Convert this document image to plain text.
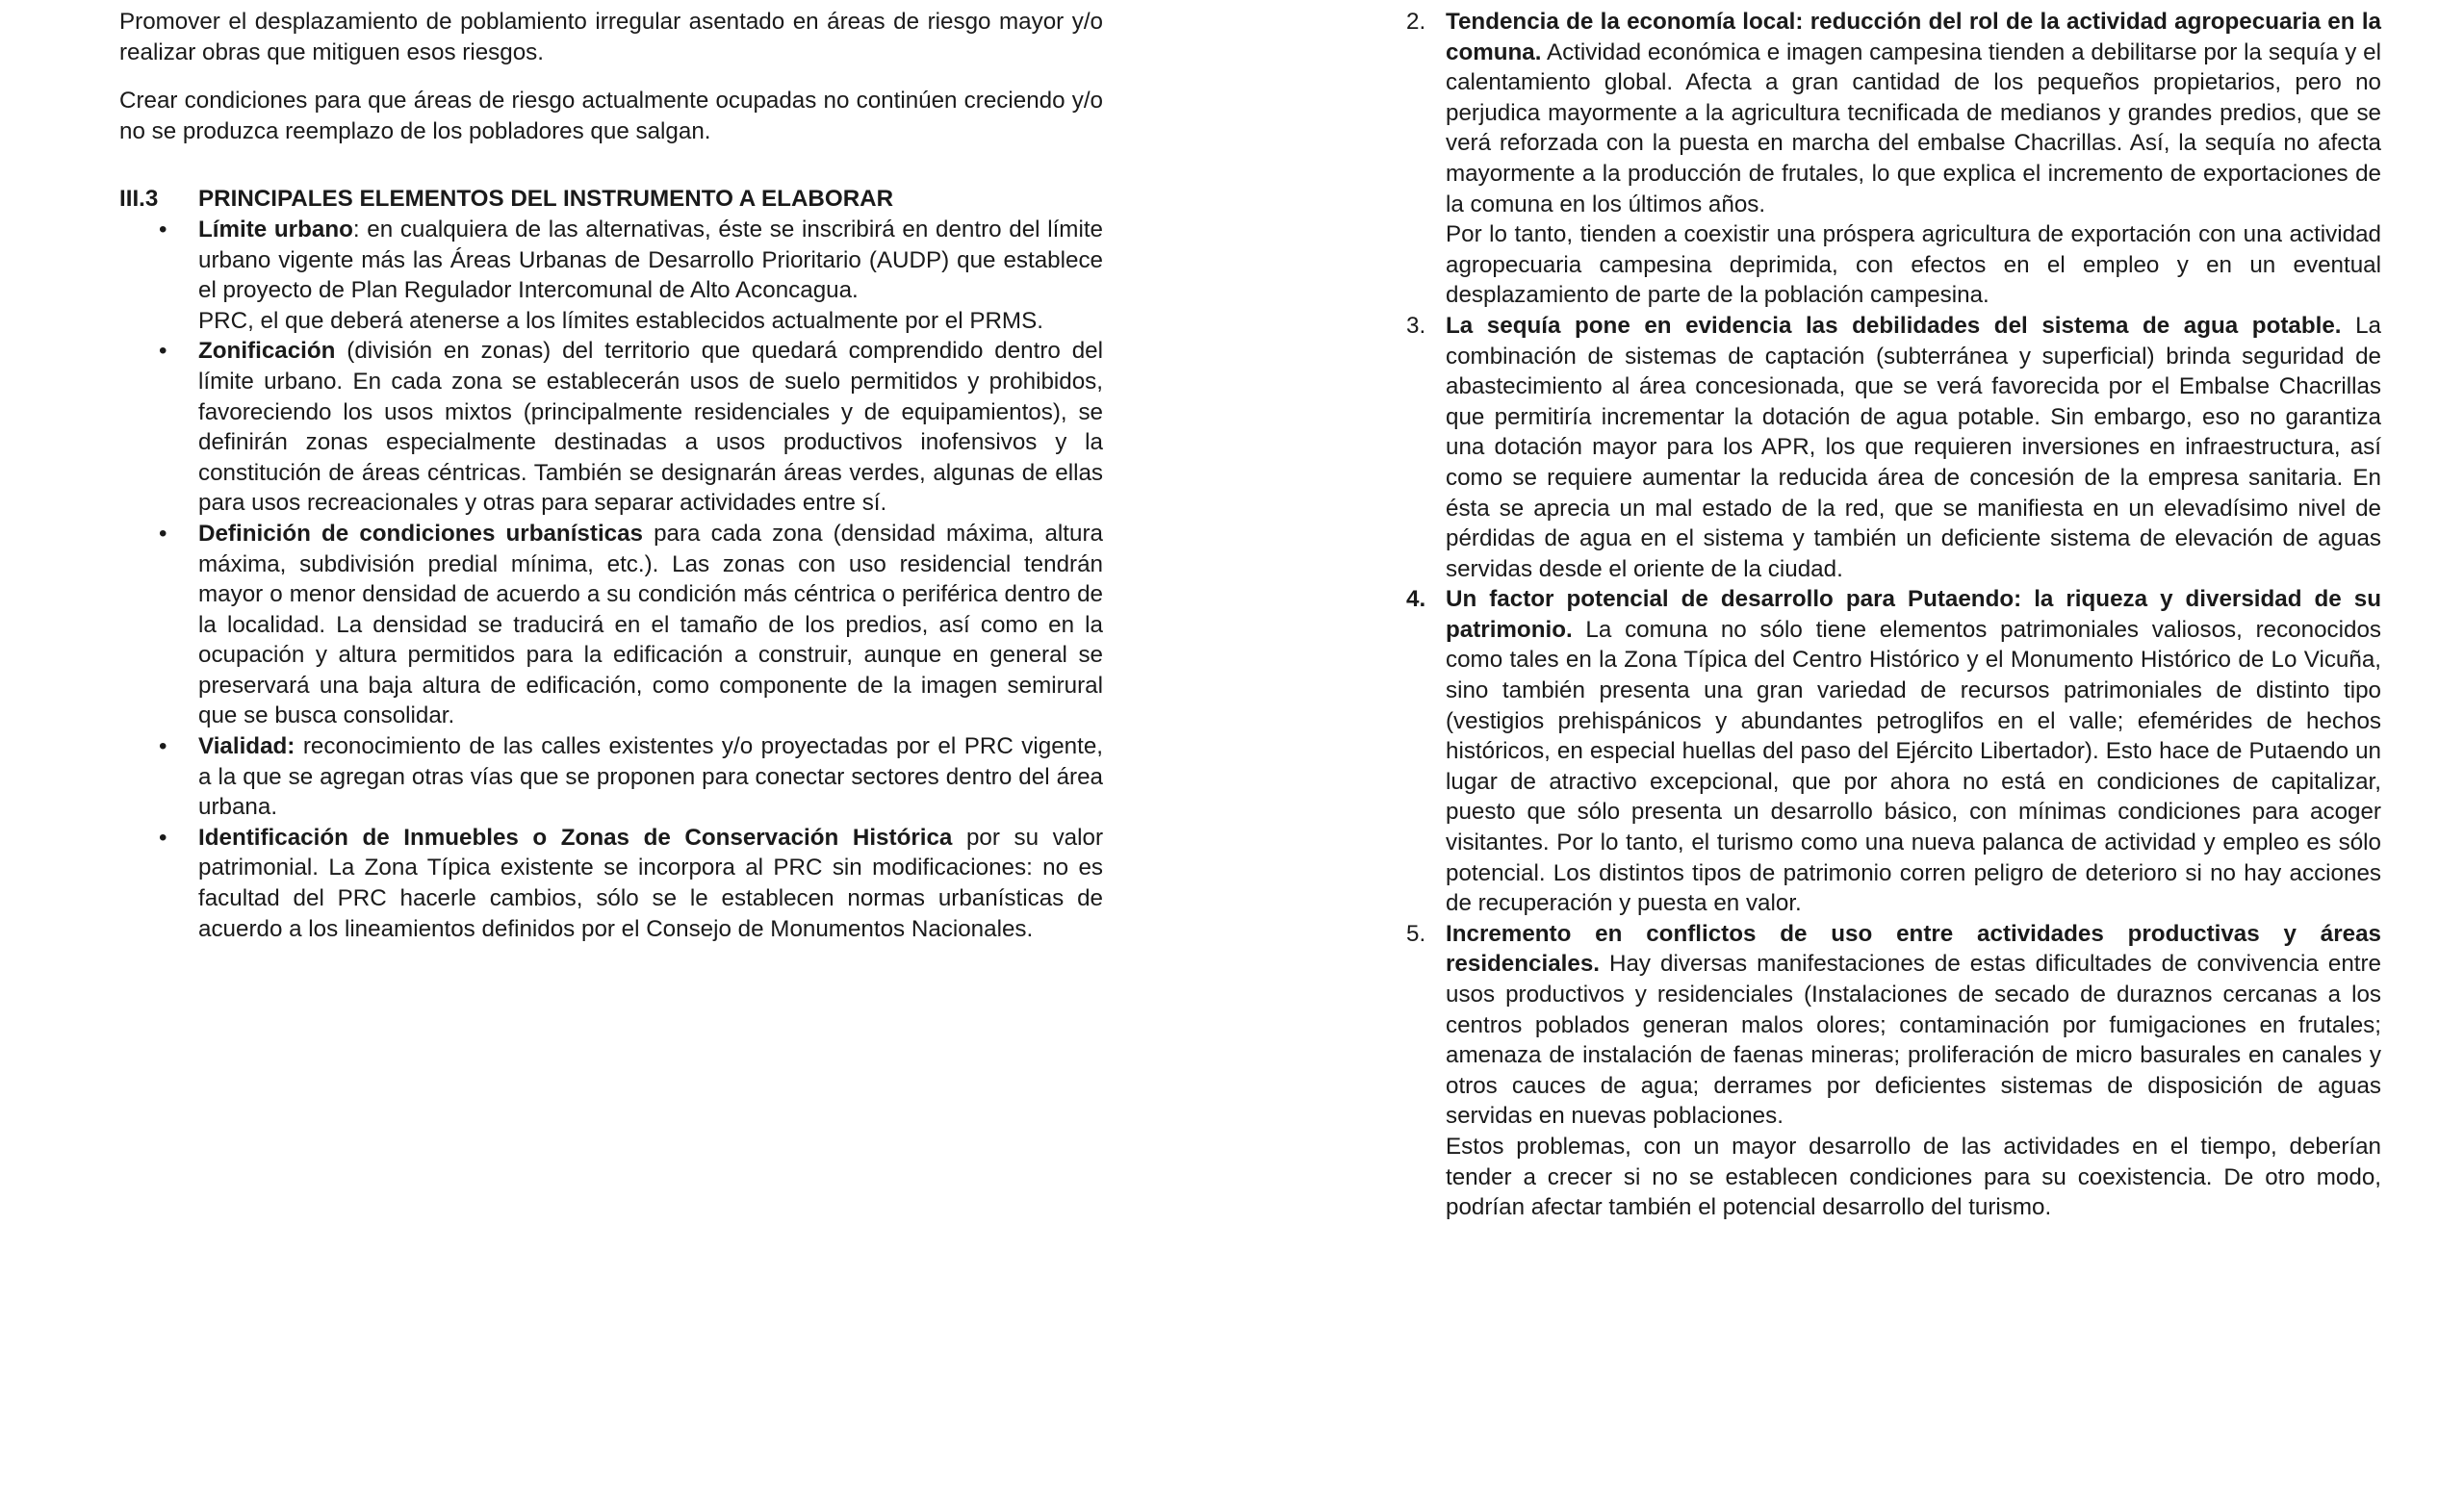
Promover el desplazamiento de poblamiento irregular asentado en áreas de riesgo mayor y/o realizar obras que mitiguen esos riesgos.

Crear condiciones para que áreas de riesgo actualmente ocupadas no continúen creciendo y/o no se produzca reemplazo de los pobladores que salgan.

III.3	PRINCIPALES ELEMENTOS DEL INSTRUMENTO A ELABORAR
• Límite urbano: en cualquiera de las alternativas, éste se inscribirá en dentro del límite urbano vigente más las Áreas Urbanas de Desarrollo Prioritario (AUDP) que establece el proyecto de Plan Regulador Intercomunal de Alto Aconcagua.
PRC, el que deberá atenerse a los límites establecidos actualmente por el PRMS.
• Zonificación (división en zonas) del territorio que quedará comprendido dentro del límite urbano. En cada zona se establecerán usos de suelo permitidos y prohibidos, favoreciendo los usos mixtos (principalmente residenciales y de equipamientos), se definirán zonas especialmente destinadas a usos productivos inofensivos y la constitución de áreas céntricas. También se designarán áreas verdes, algunas de ellas para usos recreacionales y otras para separar actividades entre sí.
• Definición de condiciones urbanísticas para cada zona (densidad máxima, altura máxima, subdivisión predial mínima, etc.). Las zonas con uso residencial tendrán mayor o menor densidad de acuerdo a su condición más céntrica o periférica dentro de la localidad. La densidad se traducirá en el tamaño de los predios, así como en la ocupación y altura permitidos para la edificación a construir, aunque en general se preservará una baja altura de edificación, como componente de la imagen semirural que se busca consolidar.
• Vialidad: reconocimiento de las calles existentes y/o proyectadas por el PRC vigente, a la que se agregan otras vías que se proponen para conectar sectores dentro del área urbana.
• Identificación de Inmuebles o Zonas de Conservación Histórica por su valor patrimonial. La Zona Típica existente se incorpora al PRC sin modificaciones: no es facultad del PRC hacerle cambios, sólo se le establecen normas urbanísticas de acuerdo a los lineamientos definidos por el Consejo de Monumentos Nacionales.
2. Tendencia de la economía local: reducción del rol de la actividad agropecuaria en la comuna. Actividad económica e imagen campesina tienden a debilitarse por la sequía y el calentamiento global. Afecta a gran cantidad de los pequeños propietarios, pero no perjudica mayormente a la agricultura tecnificada de medianos y grandes predios, que se verá reforzada con la puesta en marcha del embalse Chacrillas. Así, la sequía no afecta mayormente a la producción de frutales, lo que explica el incremento de exportaciones de la comuna en los últimos años.
Por lo tanto, tienden a coexistir una próspera agricultura de exportación con una actividad agropecuaria campesina deprimida, con efectos en el empleo y en un eventual desplazamiento de parte de la población campesina.
3. La sequía pone en evidencia las debilidades del sistema de agua potable. La combinación de sistemas de captación (subterránea y superficial) brinda seguridad de abastecimiento al área concesionada, que se verá favorecida por el Embalse Chacrillas que permitiría incrementar la dotación de agua potable. Sin embargo, eso no garantiza una dotación mayor para los APR, los que requieren inversiones en infraestructura, así como se requiere aumentar la reducida área de concesión de la empresa sanitaria. En ésta se aprecia un mal estado de la red, que se manifiesta en un elevadísimo nivel de pérdidas de agua en el sistema y también un deficiente sistema de elevación de aguas servidas desde el oriente de la ciudad.
4. Un factor potencial de desarrollo para Putaendo: la riqueza y diversidad de su patrimonio. La comuna no sólo tiene elementos patrimoniales valiosos, reconocidos como tales en la Zona Típica del Centro Histórico y el Monumento Histórico de Lo Vicuña, sino también presenta una gran variedad de recursos patrimoniales de distinto tipo (vestigios prehispánicos y abundantes petroglifos en el valle; efemérides de hechos históricos, en especial huellas del paso del Ejército Libertador). Esto hace de Putaendo un lugar de atractivo excepcional, que por ahora no está en condiciones de capitalizar, puesto que sólo presenta un desarrollo básico, con mínimas condiciones para acoger visitantes. Por lo tanto, el turismo como una nueva palanca de actividad y empleo es sólo potencial. Los distintos tipos de patrimonio corren peligro de deterioro si no hay acciones de recuperación y puesta en valor.
5. Incremento en conflictos de uso entre actividades productivas y áreas residenciales. Hay diversas manifestaciones de estas dificultades de convivencia entre usos productivos y residenciales (Instalaciones de secado de duraznos cercanas a los centros poblados generan malos olores; contaminación por fumigaciones en frutales; amenaza de instalación de faenas mineras; proliferación de micro basurales en canales y otros cauces de agua; derrames por deficientes sistemas de disposición de aguas servidas en nuevas poblaciones.
Estos problemas, con un mayor desarrollo de las actividades en el tiempo, deberían tender a crecer si no se establecen condiciones para su coexistencia. De otro modo, podrían afectar también el potencial desarrollo del turismo.
